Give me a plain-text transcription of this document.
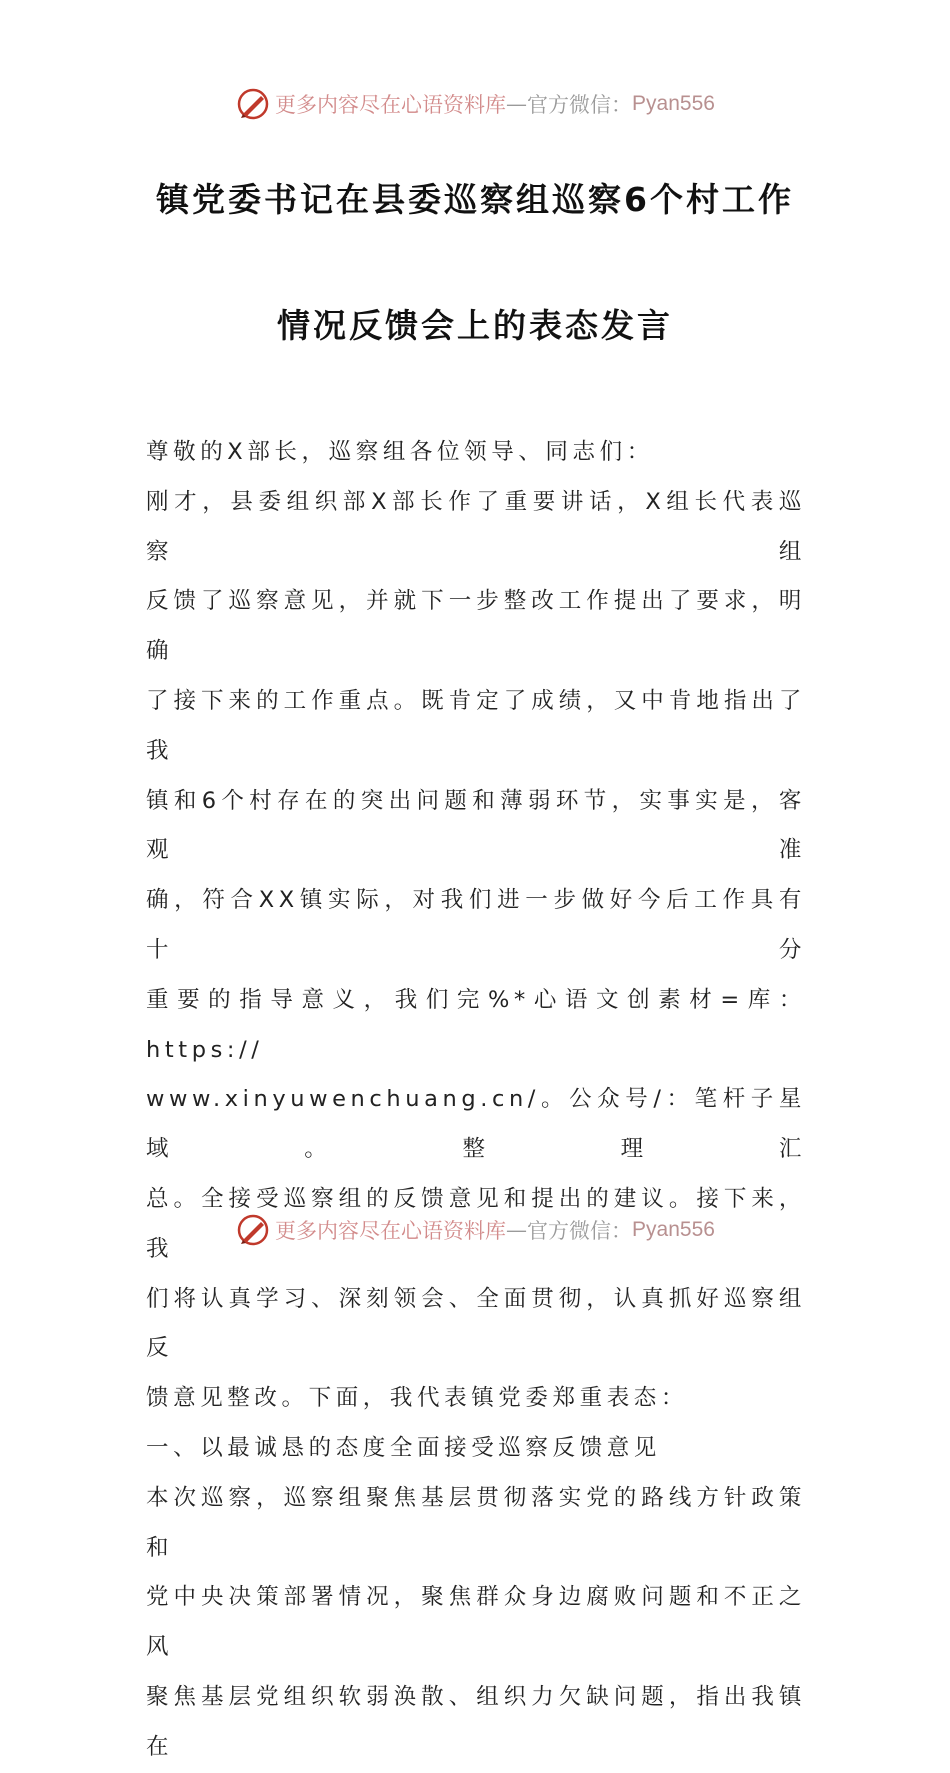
更多内容尽在心语资料库 — 官方微信： Pyan556
镇党委书记在县委巡察组巡察6个村工作
情况反馈会上的表态发言

尊敬的X部长，巡察组各位领导、同志们：

刚才，县委组织部X部长作了重要讲话，X组长代表巡察组

反馈了巡察意见，并就下一步整改工作提出了要求，明确

了接下来的工作重点。既肯定了成绩，又中肯地指出了我

镇和6个村存在的突出问题和薄弱环节，实事实是，客观准

确，符合XX镇实际，对我们进一步做好今后工作具有十分

重要的指导意义，我们完%*心语文创素材=库：https://

www.xinyuwenchuang.cn/。公众号/：笔杆子星域。整理汇

总。全接受巡察组的反馈意见和提出的建议。接下来，我

们将认真学习、深刻领会、全面贯彻，认真抓好巡察组反

馈意见整改。下面，我代表镇党委郑重表态：

一、以最诚恳的态度全面接受巡察反馈意见

本次巡察，巡察组聚焦基层贯彻落实党的路线方针政策和

党中央决策部署情况，聚焦群众身边腐败问题和不正之风

聚焦基层党组织软弱涣散、组织力欠缺问题，指出我镇在

更多内容尽在心语资料库 — 官方微信： Pyan556
